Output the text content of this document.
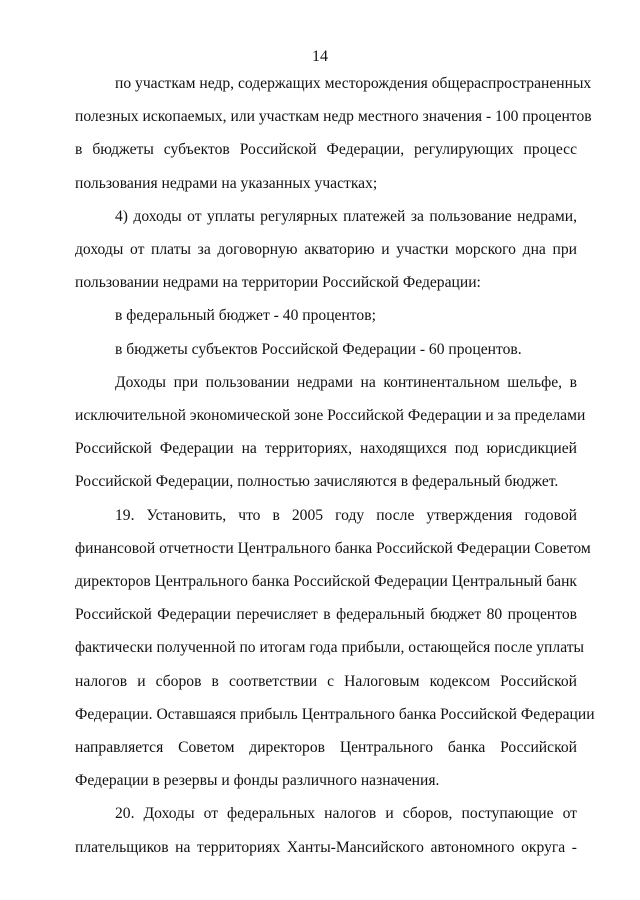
14
по участкам недр, содержащих месторождения общераспространенных
полезных ископаемых, или участкам недр местного значения - 100 процентов
в бюджеты субъектов Российской Федерации, регулирующих процесс
пользования недрами на указанных участках;
4) доходы от уплаты регулярных платежей за пользование недрами,
доходы от платы за договорную акваторию и участки морского дна при
пользовании недрами на территории Российской Федерации:
в федеральный бюджет - 40 процентов;
в бюджеты субъектов Российской Федерации - 60 процентов.
Доходы при пользовании недрами на континентальном шельфе, в
исключительной экономической зоне Российской Федерации и за пределами
Российской Федерации на территориях, находящихся под юрисдикцией
Российской Федерации, полностью зачисляются в федеральный бюджет.
19. Установить, что в 2005 году после утверждения годовой
финансовой отчетности Центрального банка Российской Федерации Советом
директоров Центрального банка Российской Федерации Центральный банк
Российской Федерации перечисляет в федеральный бюджет 80 процентов
фактически полученной по итогам года прибыли, остающейся после уплаты
налогов и сборов в соответствии с Налоговым кодексом Российской
Федерации. Оставшаяся прибыль Центрального банка Российской Федерации
направляется Советом директоров Центрального банка Российской
Федерации в резервы и фонды различного назначения.
20. Доходы от федеральных налогов и сборов, поступающие от
плательщиков на территориях Ханты-Мансийского автономного округа -
